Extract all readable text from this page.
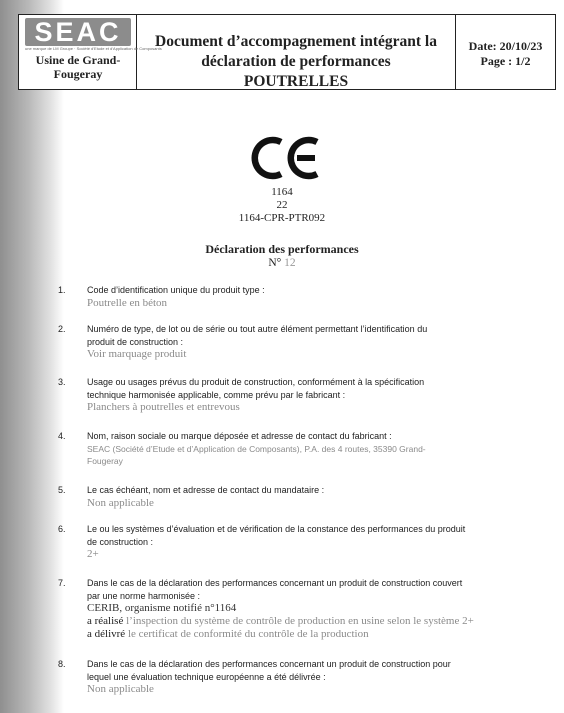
SEAC
une marque de LM Groupe · Société d'Etude et d'Application de Composants
Usine de Grand-
Fougeray
Document d’accompagnement intégrant la
déclaration de performances
POUTRELLES
Date: 20/10/23
Page : 1/2
1164
22
1164-CPR-PTR092
Déclaration des performances
N° 12
1.	Code d’identification unique du produit type :
Poutrelle en béton
2.	Numéro de type, de lot ou de série ou tout autre élément permettant l’identification du
produit de construction :
Voir marquage produit
3.	Usage ou usages prévus du produit de construction, conformément à la spécification
technique harmonisée applicable, comme prévu par le fabricant :
Planchers à poutrelles et entrevous
4.	Nom, raison sociale ou marque déposée et adresse de contact du fabricant :
SEAC (Société d’Etude et d’Application de Composants), P.A. des 4 routes, 35390 Grand-
Fougeray
5.	Le cas échéant, nom et adresse de contact du mandataire :
Non applicable
6.	Le ou les systèmes d’évaluation et de vérification de la constance des performances du produit
de construction :
2+
7.	Dans le cas de la déclaration des performances concernant un produit de construction couvert
par une norme harmonisée :
CERIB, organisme notifié n°1164
a réalisé l’inspection du système de contrôle de production en usine selon le système 2+
a délivré le certificat de conformité du contrôle de la production
8.	Dans le cas de la déclaration des performances concernant un produit de construction pour
lequel une évaluation technique européenne a été délivrée :
Non applicable
